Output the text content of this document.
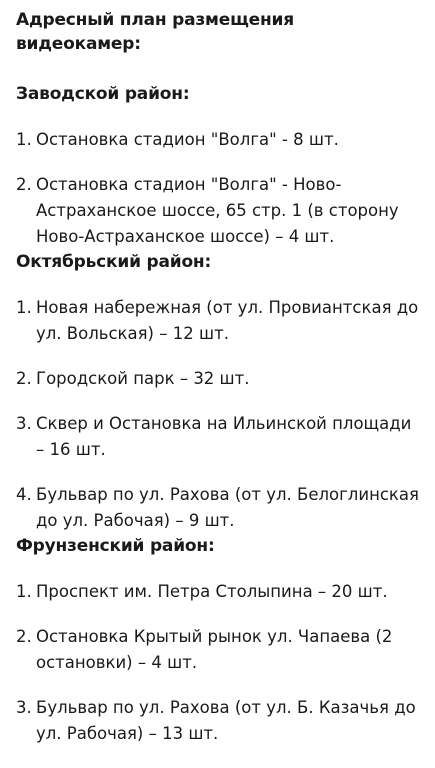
Адресный план размещения видеокамер:
Заводской район:
1. Остановка стадион "Волга" - 8 шт.
2. Остановка стадион "Волга" - Ново-Астраханское шоссе, 65 стр. 1 (в сторону Ново-Астраханское шоссе) – 4 шт.
Октябрьский район:
1. Новая набережная (от ул. Провиантская до ул. Вольская) – 12 шт.
2. Городской парк – 32 шт.
3. Сквер и Остановка на Ильинской площади – 16 шт.
4. Бульвар по ул. Рахова (от ул. Белоглинская до ул. Рабочая) – 9 шт.
Фрунзенский район:
1. Проспект им. Петра Столыпина – 20 шт.
2. Остановка Крытый рынок ул. Чапаева (2 остановки) – 4 шт.
3. Бульвар по ул. Рахова (от ул. Б. Казачья до ул. Рабочая) – 13 шт.
